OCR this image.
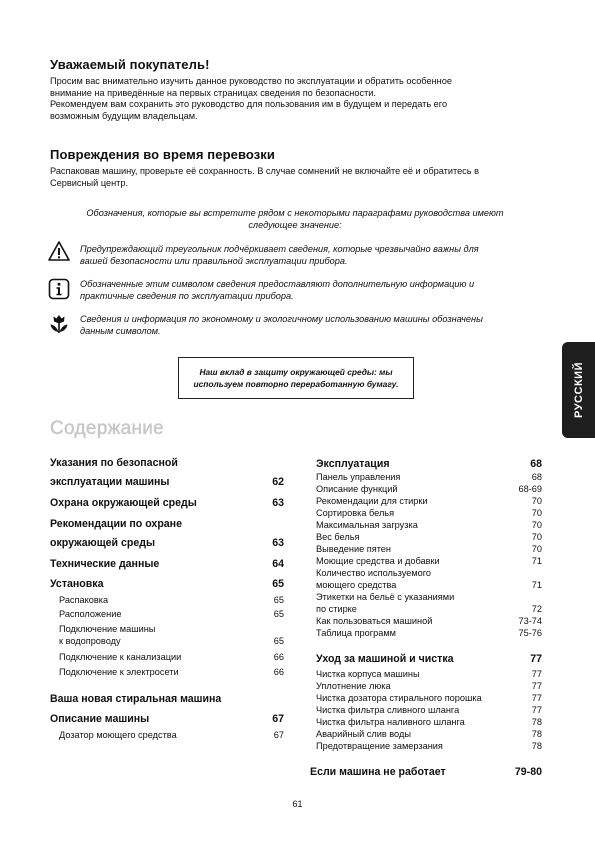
Уважаемый покупатель!
Просим вас внимательно изучить данное руководство по эксплуатации и обратить особенное
внимание на приведённые на первых страницах сведения по безопасности.
Рекомендуем вам сохранить это руководство для пользования им в будущем и передать его
возможным будущим владельцам.
Повреждения во время перевозки
Распаковав машину, проверьте её сохранность. В случае сомнений не включайте её и обратитесь в
Сервисный центр.
Обозначения, которые вы встретите рядом с некоторыми параграфами руководства имеют
следующее значение:
Предупреждающий треугольник подчёркивает сведения, которые чрезвычайно важны для
вашей безопасности или правильной эксплуатации прибора.
Обозначенные этим символом сведения предоставляют дополнительную информацию и
практичные сведения по эксплуатации прибора.
Сведения и информация по экономному и экологичному использованию машины обозначены
данным символом.
Наш вклад в защиту окружающей среды: мы
используем повторно переработанную бумагу.	РУССКИЙ
Содержание
Указания по безопасной
эксплуатации машины	62
Охрана окружающей среды	63
Рекомендации по охране
окружающей среды	63
Технические данные	64
Установка	65
Распаковка	65
Расположение	65
Подключение машины
к водопроводу	65
Подключение к канализации	66
Подключение к электросети	66
Ваша новая стиральная машина
Описание машины	67
Дозатор моющего средства	67
Эксплуатация	68
Панель управления	68
Описание функций	68-69
Рекомендации для стирки	70
Сортировка белья	70
Максимальная загрузка	70
Вес белья	70
Выведение пятен	70
Моющие средства и добавки	71
Количество используемого
моющего средства	71
Этикетки на бельё с указаниями
по стирке	72
Как пользоваться машиной	73-74
Таблица программ	75-76
Уход за машиной и чистка	77
Чистка корпуса машины	77
Уплотнение люка	77
Чистка дозатора стирального порошка	77
Чистка фильтра сливного шланга	77
Чистка фильтра наливного шланга	78
Аварийный слив воды	78
Предотвращение замерзания	78
Если машина не работает	79-80
61
